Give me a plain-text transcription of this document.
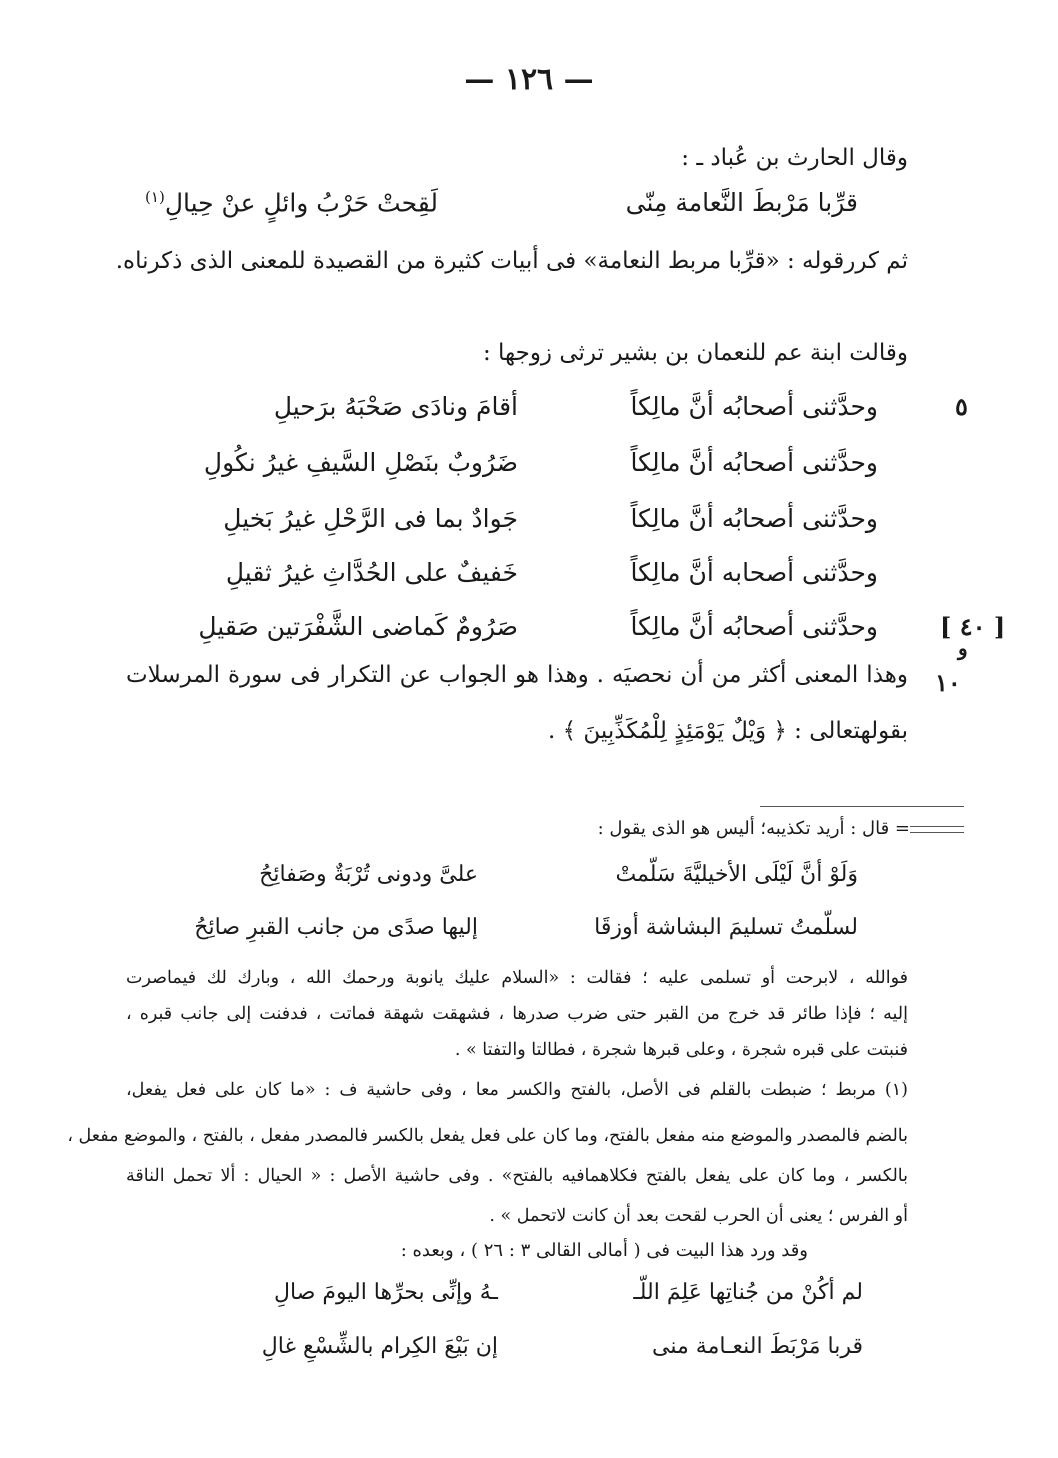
— ١٢٦ —
وقال الحارث بن عُباد ـ :
قرِّبا مَرْبطَ النَّعامة مِنّى
لَقِحتْ حَرْبُ وائلٍ عنْ حِيالِ$^{(١)}$
ثم كررقوله : «قرِّبا مربط النعامة» فى أبيات كثيرة من القصيدة للمعنى الذى ذكرناه.
وقالت ابنة عم للنعمان بن بشير ترثى زوجها :
٥
وحدَّثنى أصحابُه أنَّ مالِكاً
أقامَ ونادَى صَحْبَهُ برَحيلِ
وحدَّثنى أصحابُه أنَّ مالِكاً
ضَرُوبٌ بنَصْلِ السَّيفِ غيرُ نكُولِ
وحدَّثنى أصحابُه أنَّ مالِكاً
جَوادٌ بما فى الرَّحْلِ غيرُ بَخيلِ
وحدَّثنى أصحابه أنَّ مالِكاً
خَفيفٌ على الحُدَّاثِ غيرُ ثقيلِ
وحدَّثنى أصحابُه أنَّ مالِكاً
صَرُومٌ كَماضى الشَّفْرَتين صَقيلِ	[ ٤٠ ]
و
١٠
وهذا المعنى أكثر من أن نحصيَه . وهذا هو الجواب عن التكرار فى سورة المرسلات
بقولهتعالى : ﴿ وَيْلٌ يَوْمَئِذٍ لِلْمُكَذِّبِينَ ﴾ .
= قال : أريد تكذيبه؛ أليس هو الذى يقول :
وَلَوْ أنَّ لَيْلَى الأخيليَّةَ سَلّمتْ
علىَّ ودونى تُرْبَةٌ وصَفائِحُ
لسلّمتُ تسليمَ البشاشة أوزقَا
إليها صدًى من جانب القبرِ صائِحُ
فوالله ، لابرحت أو تسلمى عليه ؛ فقالت : «السلام عليك يانوبة ورحمك الله ، وبارك لك فيماصرت
إليه ؛ فإذا طائر قد خرج من القبر حتى ضرب صدرها ، فشهقت شهقة فماتت ، فدفنت إلى جانب قبره ،
فنبتت على قبره شجرة ، وعلى قبرها شجرة ، فطالتا والتفتا » .
(١) مربط ؛ ضبطت بالقلم فى الأصل، بالفتح والكسر معا ، وفى حاشية ف : «ما كان على فعل يفعل،
بالضم فالمصدر والموضع منه مفعل بالفتح، وما كان على فعل يفعل بالكسر فالمصدر مفعل ، بالفتح ، والموضع مفعل ،
بالكسر ، وما كان على يفعل بالفتح فكلاهمافيه بالفتح» . وفى حاشية الأصل : « الحيال : ألا تحمل الناقة
أو الفرس ؛ يعنى أن الحرب لقحت بعد أن كانت لاتحمل » .
وقد ورد هذا البيت فى ( أمالى القالى ٣ : ٢٦ ) ، وبعده :
لم أكُنْ من جُناتِها عَلِمَ اللّـ
ـهُ وإنِّى بحرِّها اليومَ صالِ
قربا مَرْبَطَ النعـامة منى
إن بَيْعَ الكِرام بالشِّسْعِ غالِ
